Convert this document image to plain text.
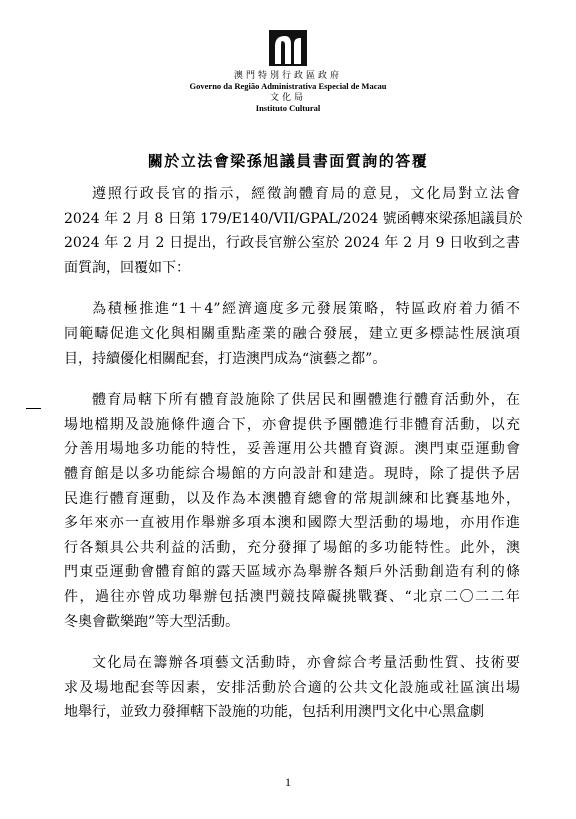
澳門特別行政區政府
Governo da Região Administrativa Especial de Macau
文化局
Instituto Cultural
關於立法會梁孫旭議員書面質詢的答覆
遵照行政長官的指示，經徵詢體育局的意見，文化局對立法會
2024 年 2 月 8 日第 179/E140/VII/GPAL/2024 號函轉來梁孫旭議員於
2024 年 2 月 2 日提出，行政長官辦公室於 2024 年 2 月 9 日收到之書
面質詢，回覆如下：
為積極推進“1＋4”經濟適度多元發展策略，特區政府着力循不
同範疇促進文化與相關重點產業的融合發展，建立更多標誌性展演項
目，持續優化相關配套，打造澳門成為“演藝之都”。
體育局轄下所有體育設施除了供居民和團體進行體育活動外，在
場地檔期及設施條件適合下，亦會提供予團體進行非體育活動，以充
分善用場地多功能的特性，妥善運用公共體育資源。澳門東亞運動會
體育館是以多功能綜合場館的方向設計和建造。現時，除了提供予居
民進行體育運動，以及作為本澳體育總會的常規訓練和比賽基地外，
多年來亦一直被用作舉辦多項本澳和國際大型活動的場地，亦用作進
行各類具公共利益的活動，充分發揮了場館的多功能特性。此外，澳
門東亞運動會體育館的露天區域亦為舉辦各類戶外活動創造有利的條
件，過往亦曾成功舉辦包括澳門競技障礙挑戰賽、“北京二〇二二年
冬奧會歡樂跑”等大型活動。
文化局在籌辦各項藝文活動時，亦會綜合考量活動性質、技術要
求及場地配套等因素，安排活動於合適的公共文化設施或社區演出場
地舉行，並致力發揮轄下設施的功能，包括利用澳門文化中心黑盒劇
1
